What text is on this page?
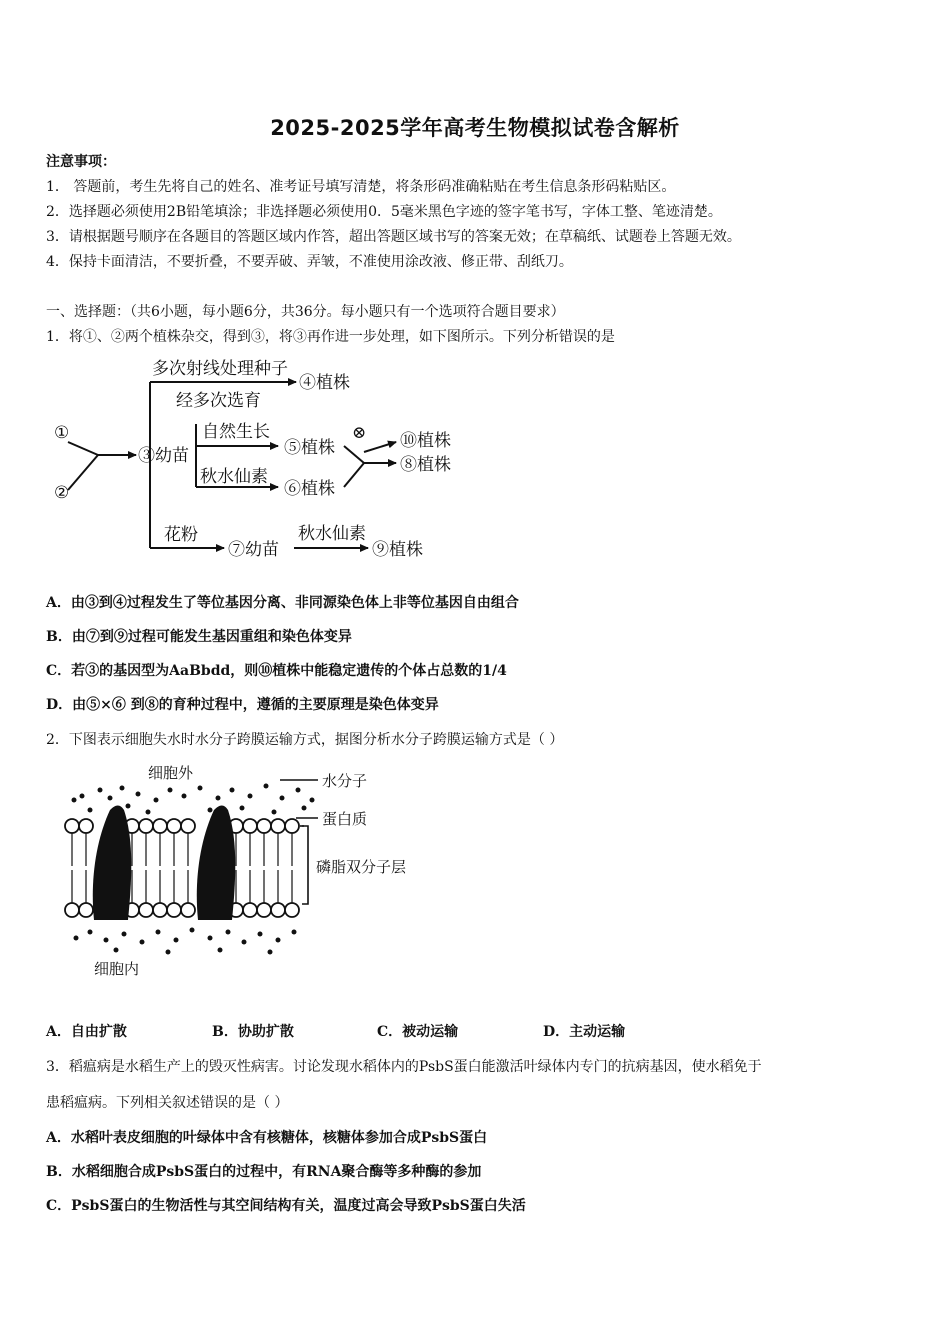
2025-2025学年高考生物模拟试卷含解析
注意事项：
1． 答题前，考生先将自己的姓名、准考证号填写清楚，将条形码准确粘贴在考生信息条形码粘贴区。
2．选择题必须使用2B铅笔填涂；非选择题必须使用0．5毫米黑色字迹的签字笔书写，字体工整、笔迹清楚。
3．请根据题号顺序在各题目的答题区域内作答，超出答题区域书写的答案无效；在草稿纸、试题卷上答题无效。
4．保持卡面清洁，不要折叠，不要弄破、弄皱，不准使用涂改液、修正带、刮纸刀。
一、选择题：（共6小题，每小题6分，共36分。每小题只有一个选项符合题目要求）
1．将①、②两个植株杂交，得到③，将③再作进一步处理，如下图所示。下列分析错误的是
①
②
③幼苗
多次射线处理种子
④植株
经多次选育
自然生长
⑤植株
秋水仙素
⑥植株
⊗ ⑩植株
⑧植株
花粉
⑦幼苗
秋水仙素
⑨植株
A．由③到④过程发生了等位基因分离、非同源染色体上非等位基因自由组合
B．由⑦到⑨过程可能发生基因重组和染色体变异
C．若③的基因型为AaBbdd，则⑩植株中能稳定遗传的个体占总数的1/4
D．由⑤×⑥ 到⑧的育种过程中，遵循的主要原理是染色体变异
2．下图表示细胞失水时水分子跨膜运输方式，据图分析水分子跨膜运输方式是（ ）
细胞外
细胞内
水分子
蛋白质
磷脂双分子层
A．自由扩散	B．协助扩散	C．被动运输	D．主动运输
3．稻瘟病是水稻生产上的毁灭性病害。讨论发现水稻体内的PsbS蛋白能激活叶绿体内专门的抗病基因，使水稻免于
患稻瘟病。下列相关叙述错误的是（ ）
A．水稻叶表皮细胞的叶绿体中含有核糖体，核糖体参加合成PsbS蛋白
B．水稻细胞合成PsbS蛋白的过程中，有RNA聚合酶等多种酶的参加
C．PsbS蛋白的生物活性与其空间结构有关，温度过高会导致PsbS蛋白失活
